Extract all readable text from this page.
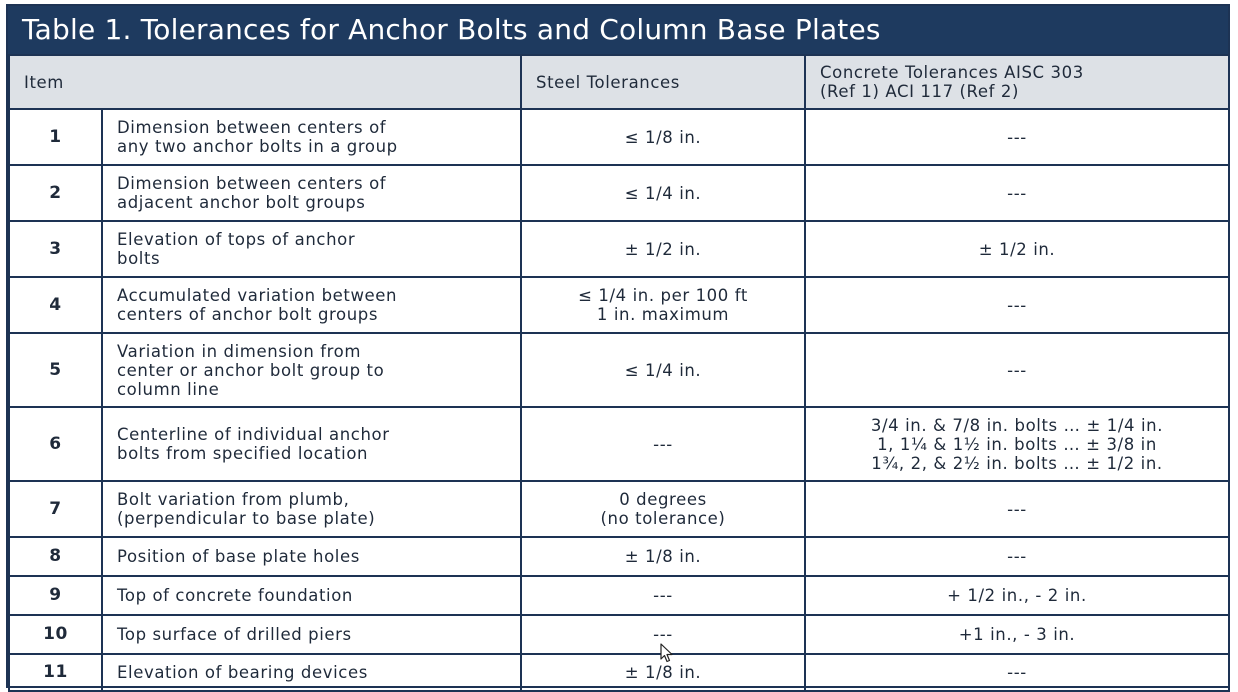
Table 1. Tolerances for Anchor Bolts and Column Base Plates
Item		Steel Tolerances	Concrete Tolerances AISC 303
(Ref 1) ACI 117 (Ref 2)

1	Dimension between centers of
any two anchor bolts in a group	≤ 1/8 in.	---

2	Dimension between centers of
adjacent anchor bolt groups	≤ 1/4 in.	---

3	Elevation of tops of anchor
bolts	± 1/2 in.	± 1/2 in.

4	Accumulated variation between
centers of anchor bolt groups	≤ 1/4 in. per 100 ft
1 in. maximum	---

5	Variation in dimension from
center or anchor bolt group to
column line	≤ 1/4 in.	---

6	Centerline of individual anchor
bolts from specified location	---	3/4 in. & 7/8 in. bolts … ± 1/4 in.
1, 1¼ & 1½ in. bolts … ± 3/8 in
1¾, 2, & 2½ in. bolts … ± 1/2 in.

7	Bolt variation from plumb,
(perpendicular to base plate)	0 degrees
(no tolerance)	---

8	Position of base plate holes	± 1/8 in.	---

9	Top of concrete foundation	---	+ 1/2 in., - 2 in.

10	Top surface of drilled piers	---	+1 in., - 3 in.

11	Elevation of bearing devices	± 1/8 in.	---
